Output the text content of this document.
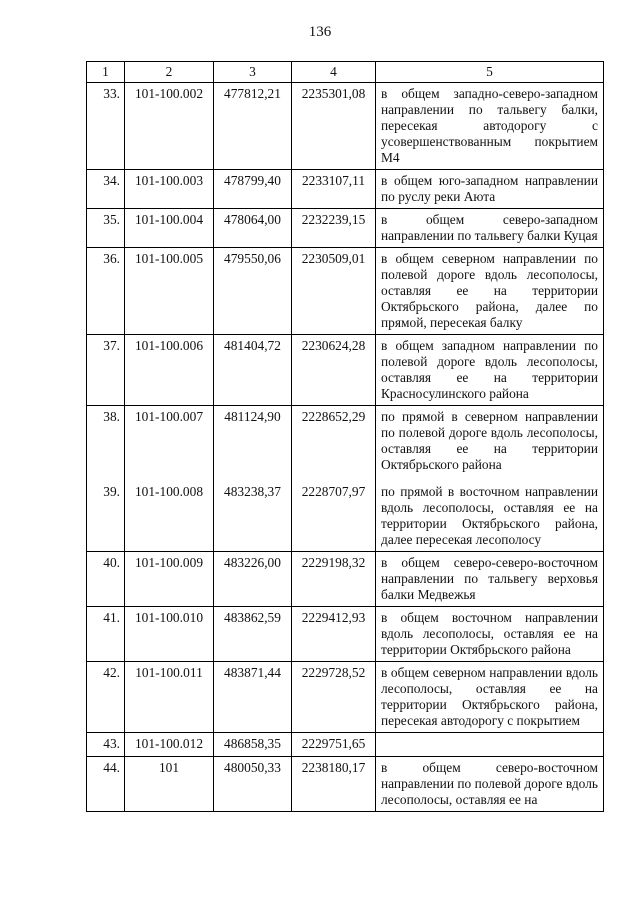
136
1	2	3	4	5
33.	101-100.002	477812,21	2235301,08	в общем западно-северо-западном направлении по тальвегу балки, пересекая автодорогу с усовершенствованным покрытием М4
34.	101-100.003	478799,40	2233107,11	в общем юго-западном направлении по руслу реки Аюта
35.	101-100.004	478064,00	2232239,15	в общем северо-западном направлении по тальвегу балки Куцая
36.	101-100.005	479550,06	2230509,01	в общем северном направлении по полевой дороге вдоль лесополосы, оставляя ее на территории Октябрьского района, далее по прямой, пересекая балку
37.	101-100.006	481404,72	2230624,28	в общем западном направлении по полевой дороге вдоль лесополосы, оставляя ее на территории Красносулинского района
38.	101-100.007	481124,90	2228652,29	по прямой в северном направлении по полевой дороге вдоль лесополосы, оставляя ее на территории Октябрьского района
39.	101-100.008	483238,37	2228707,97	по прямой в восточном направлении вдоль лесополосы, оставляя ее на территории Октябрьского района, далее пересекая лесополосу
40.	101-100.009	483226,00	2229198,32	в общем северо-северо-восточном направлении по тальвегу верховья балки Медвежья
41.	101-100.010	483862,59	2229412,93	в общем восточном направлении вдоль лесополосы, оставляя ее на территории Октябрьского района
42.	101-100.011	483871,44	2229728,52	в общем северном направлении вдоль лесополосы, оставляя ее на территории Октябрьского района, пересекая автодорогу с покрытием
43.	101-100.012	486858,35	2229751,65	
44.	101	480050,33	2238180,17	в общем северо-восточном направлении по полевой дороге вдоль лесополосы, оставляя ее на
